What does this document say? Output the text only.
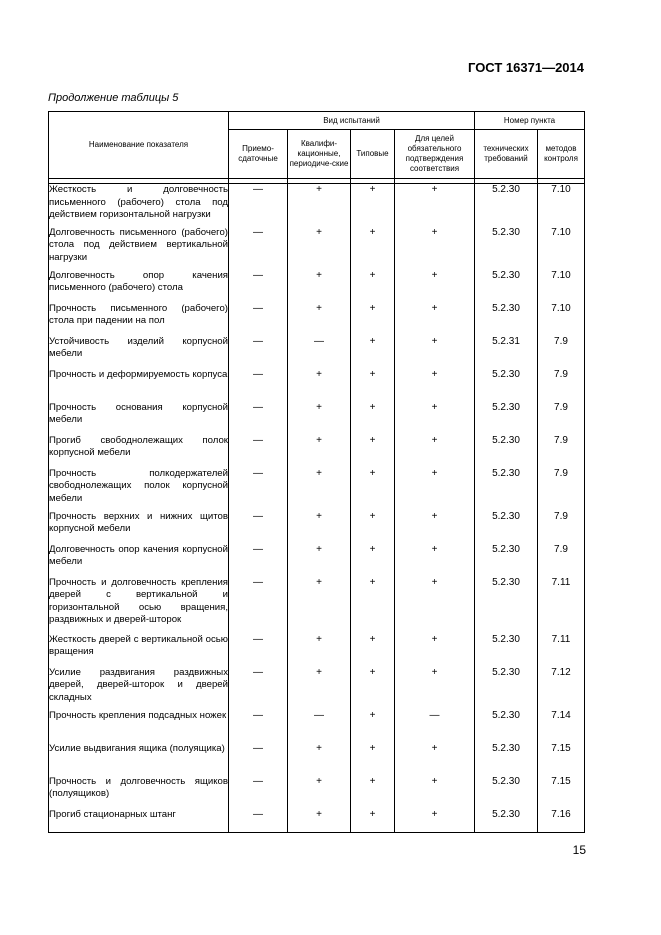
ГОСТ 16371—2014
Продолжение таблицы 5
Наименование показателя	Вид испытаний				Номер пункта	
	Приемо-сдаточные	Квалифи-кационные, периодиче-ские	Типовые	Для целей обязательного подтверждения соответствия	технических требований	методов контроля

Жесткость и долговечность письменного (рабочего) стола под действием горизонтальной нагрузки	—	+	+	+	5.2.30	7.10
Долговечность письменного (рабочего) стола под действием вертикальной нагрузки	—	+	+	+	5.2.30	7.10
Долговечность опор качения письменного (рабочего) стола	—	+	+	+	5.2.30	7.10
Прочность письменного (рабочего) стола при падении на пол	—	+	+	+	5.2.30	7.10
Устойчивость изделий корпусной мебели	—	—	+	+	5.2.31	7.9
Прочность и деформируемость корпуса	—	+	+	+	5.2.30	7.9
Прочность основания корпусной мебели	—	+	+	+	5.2.30	7.9
Прогиб свободнолежащих полок корпусной мебели	—	+	+	+	5.2.30	7.9
Прочность полкодержателей свободнолежащих полок корпусной мебели	—	+	+	+	5.2.30	7.9
Прочность верхних и нижних щитов корпусной мебели	—	+	+	+	5.2.30	7.9
Долговечность опор качения корпусной мебели	—	+	+	+	5.2.30	7.9
Прочность и долговечность крепления дверей с вертикальной и горизонтальной осью вращения, раздвижных и дверей-шторок	—	+	+	+	5.2.30	7.11
Жесткость дверей с вертикальной осью вращения	—	+	+	+	5.2.30	7.11
Усилие раздвигания раздвижных дверей, дверей-шторок и дверей складных	—	+	+	+	5.2.30	7.12
Прочность крепления подсадных ножек	—	—	+	—	5.2.30	7.14
Усилие выдвигания ящика (полуящика)	—	+	+	+	5.2.30	7.15
Прочность и долговечность ящиков (полуящиков)	—	+	+	+	5.2.30	7.15
Прогиб стационарных штанг	—	+	+	+	5.2.30	7.16
15
